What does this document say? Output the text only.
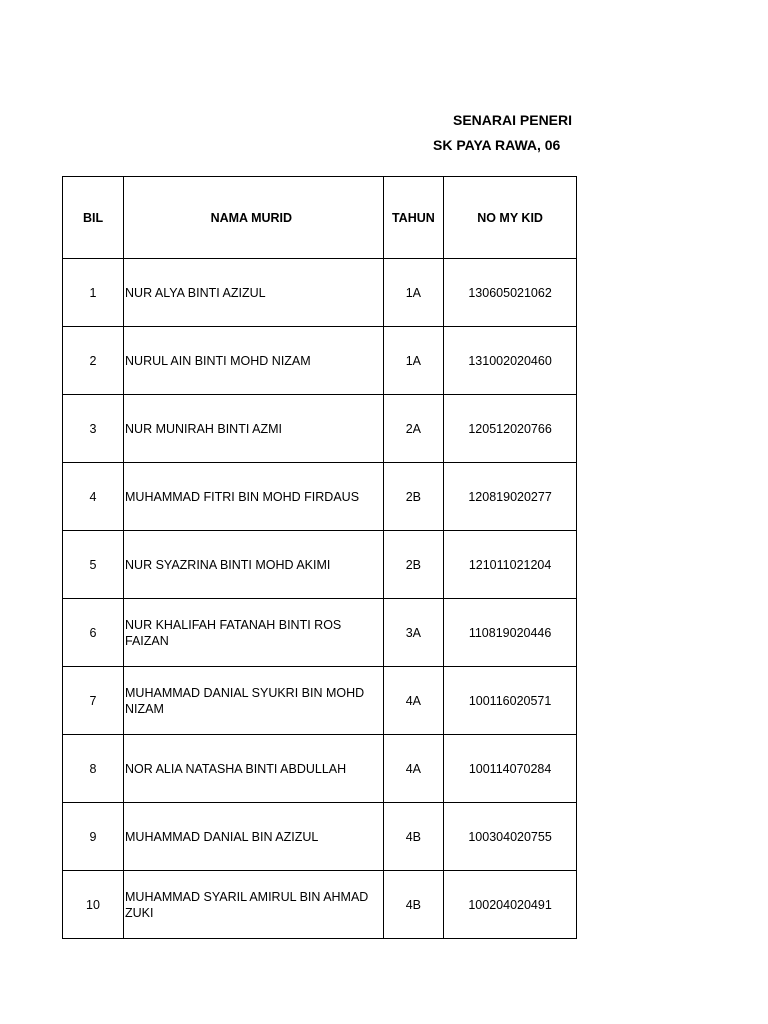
SENARAI PENERI
SK PAYA RAWA, 06
BIL	NAMA MURID	TAHUN	NO MY KID
1	NUR ALYA BINTI AZIZUL	1A	130605021062
2	NURUL AIN BINTI MOHD NIZAM	1A	131002020460
3	NUR MUNIRAH BINTI AZMI	2A	120512020766
4	MUHAMMAD FITRI BIN MOHD FIRDAUS	2B	120819020277
5	NUR SYAZRINA BINTI MOHD AKIMI	2B	121011021204
6	NUR KHALIFAH FATANAH BINTI ROS FAIZAN	3A	110819020446
7	MUHAMMAD DANIAL SYUKRI BIN MOHD NIZAM	4A	100116020571
8	NOR ALIA NATASHA BINTI ABDULLAH	4A	100114070284
9	MUHAMMAD DANIAL BIN AZIZUL	4B	100304020755
10	MUHAMMAD SYARIL AMIRUL BIN AHMAD ZUKI	4B	100204020491
